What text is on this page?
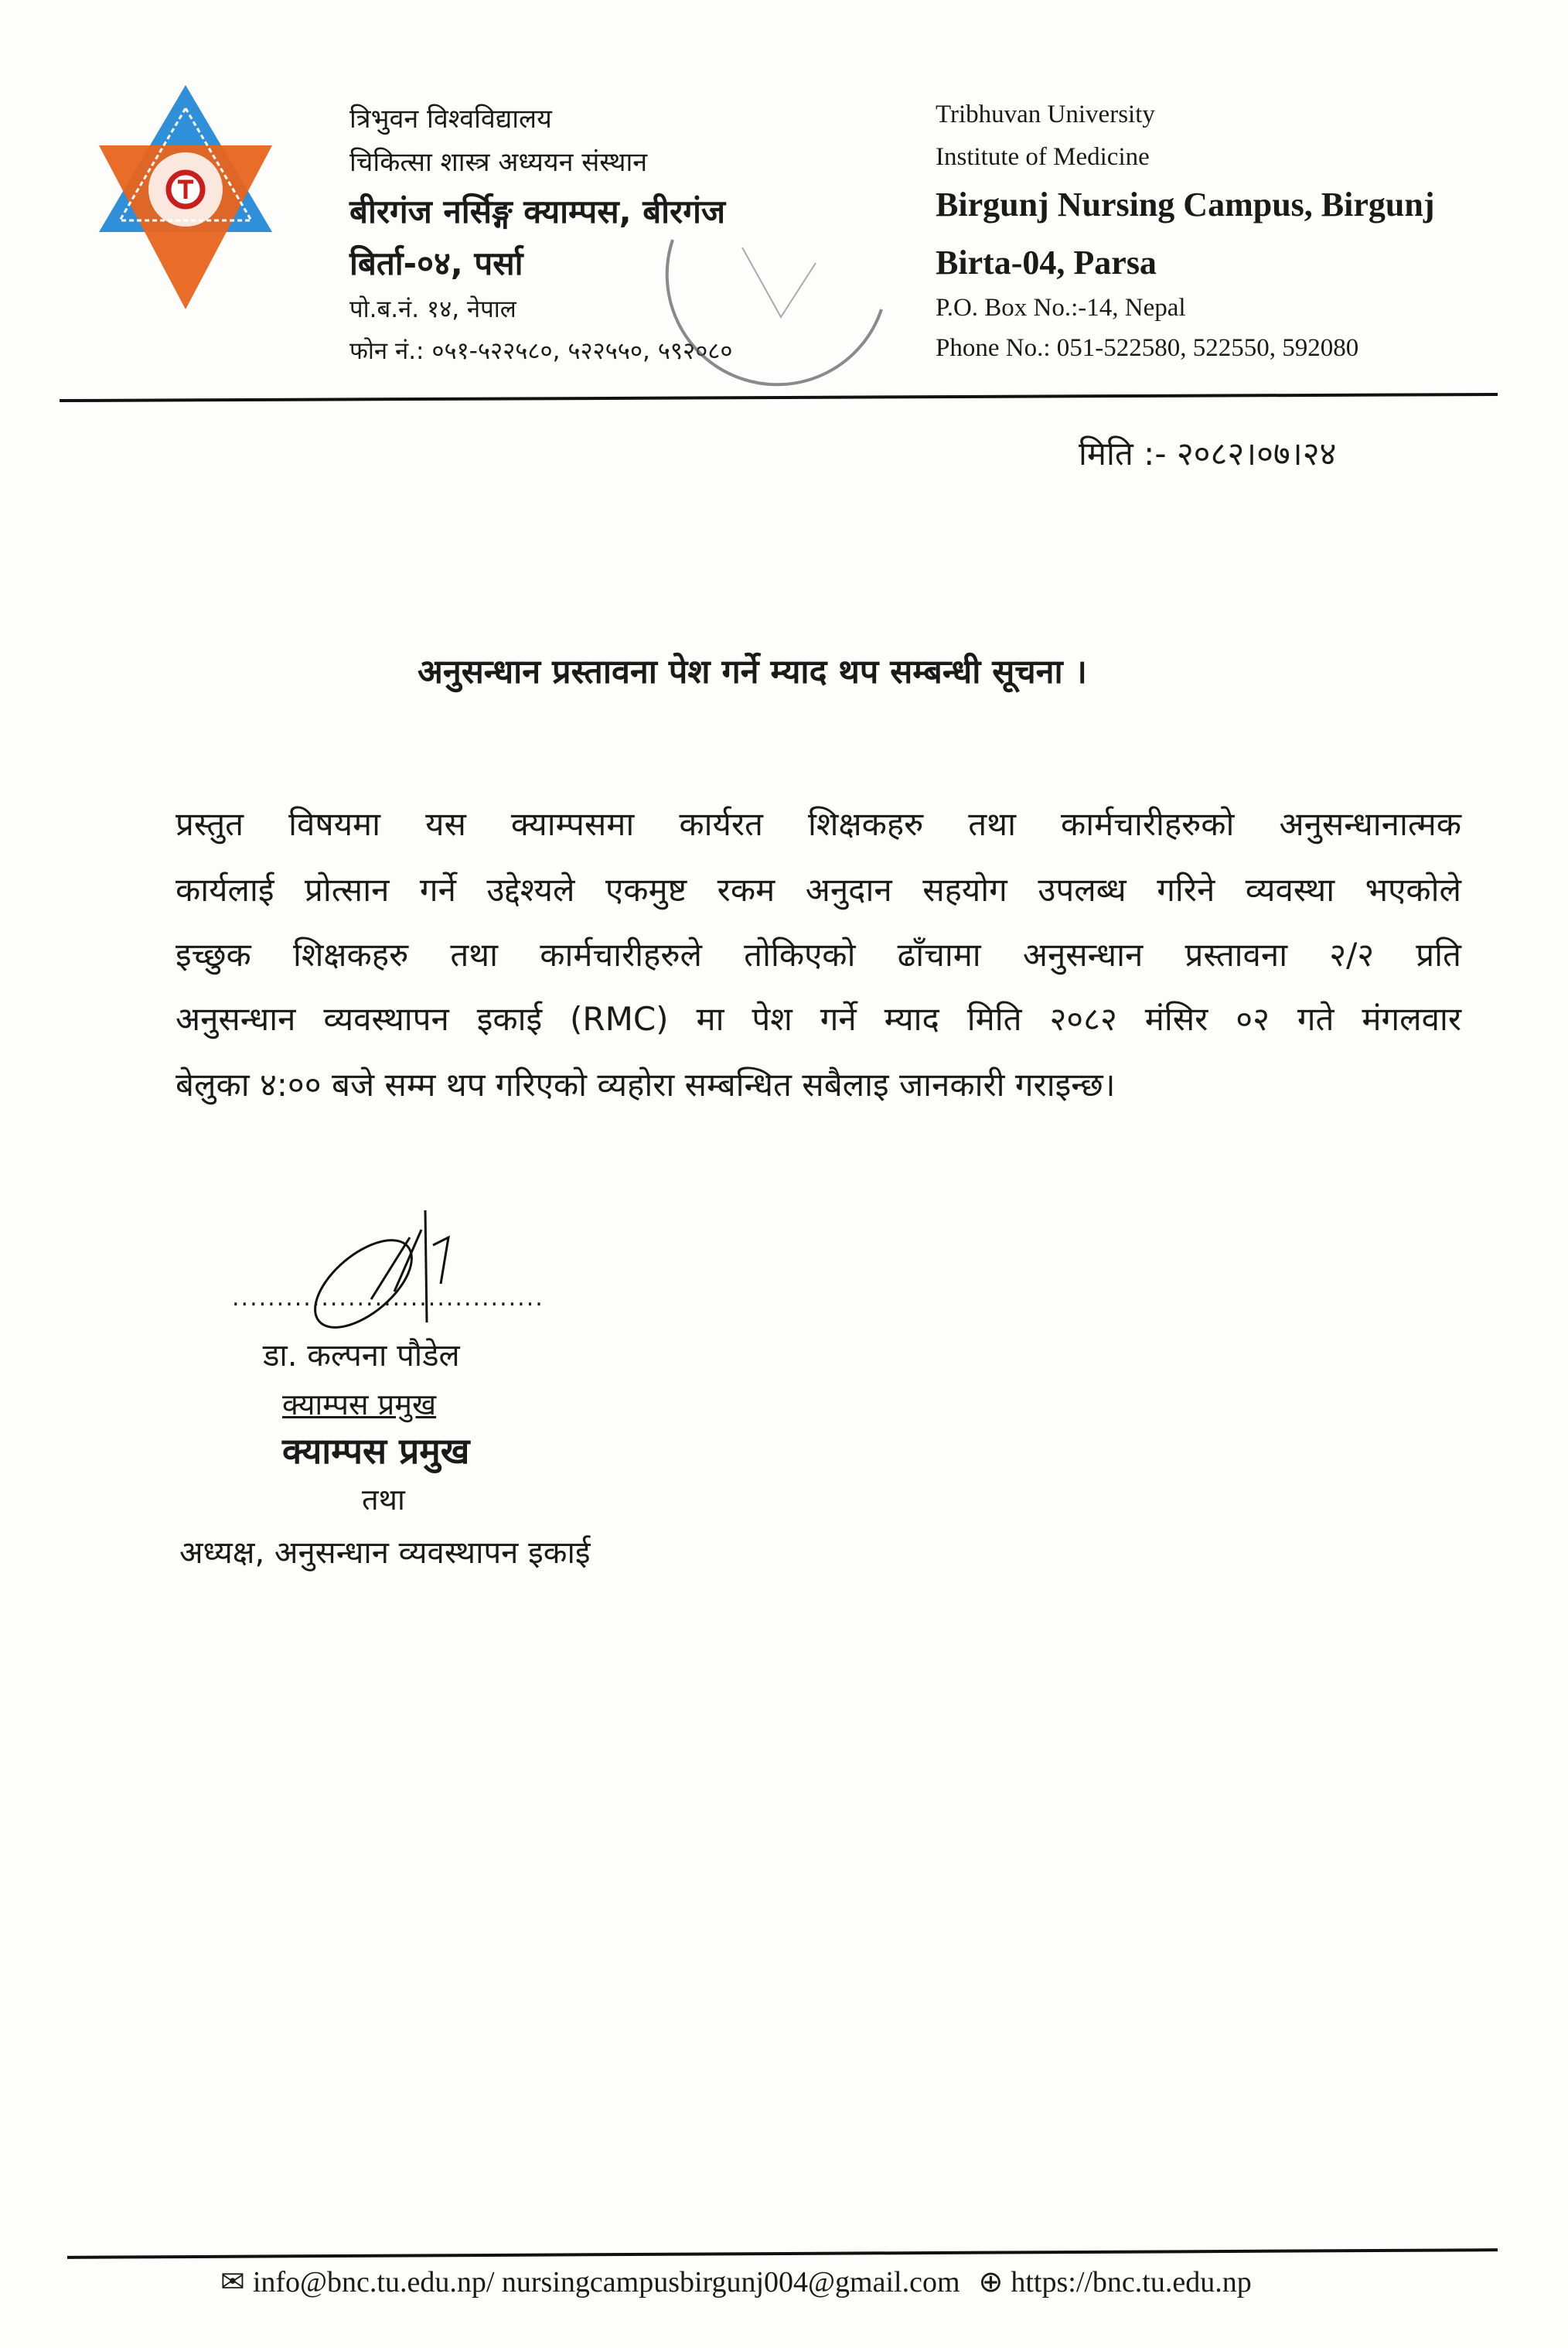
त्रिभुवन विश्वविद्यालय
चिकित्सा शास्त्र अध्ययन संस्थान
बीरगंज नर्सिङ्ग क्याम्पस, बीरगंज
बिर्ता-०४, पर्सा
पो.ब.नं. १४, नेपाल
फोन नं.: ०५१-५२२५८०, ५२२५५०, ५९२०८०
Tribhuvan University
Institute of Medicine
Birgunj Nursing Campus, Birgunj
Birta-04, Parsa
P.O. Box No.:-14, Nepal
Phone No.: 051-522580, 522550, 592080
मिति :- २०८२।०७।२४
अनुसन्धान प्रस्तावना पेश गर्ने म्याद थप सम्बन्धी सूचना ।
प्रस्तुत विषयमा यस क्याम्पसमा कार्यरत शिक्षकहरु तथा कार्मचारीहरुको अनुसन्धानात्मक
कार्यलाई प्रोत्सान गर्ने उद्देश्यले एकमुष्ट रकम अनुदान सहयोग उपलब्ध गरिने व्यवस्था भएकोले
इच्छुक शिक्षकहरु तथा कार्मचारीहरुले तोकिएको ढाँचामा अनुसन्धान प्रस्तावना २/२ प्रति
अनुसन्धान व्यवस्थापन इकाई (RMC) मा पेश गर्ने म्याद मिति २०८२ मंसिर ०२ गते मंगलवार
बेलुका ४:०० बजे सम्म थप गरिएको व्यहोरा सम्बन्धित सबैलाइ जानकारी गराइन्छ।
...................................
डा. कल्पना पौडेल
क्याम्पस प्रमुख
क्याम्पस प्रमुख
तथा
अध्यक्ष, अनुसन्धान व्यवस्थापन इकाई
✉ info@bnc.tu.edu.np/ nursingcampusbirgunj004@gmail.com ⊕ https://bnc.tu.edu.np
